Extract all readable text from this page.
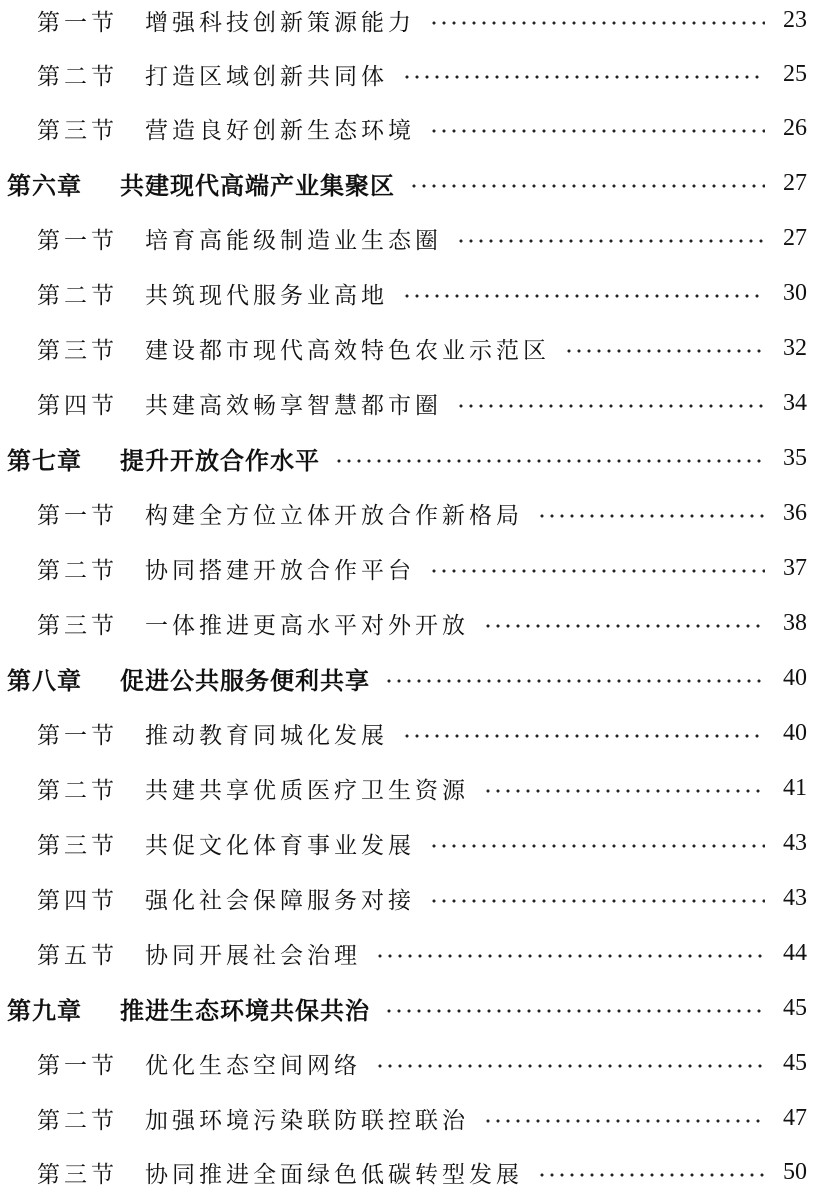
第一节	增强科技创新策源能力	23
第二节	打造区域创新共同体	25
第三节	营造良好创新生态环境	26
第六章	共建现代高端产业集聚区	27
第一节	培育高能级制造业生态圈	27
第二节	共筑现代服务业高地	30
第三节	建设都市现代高效特色农业示范区	32
第四节	共建高效畅享智慧都市圈	34
第七章	提升开放合作水平	35
第一节	构建全方位立体开放合作新格局	36
第二节	协同搭建开放合作平台	37
第三节	一体推进更高水平对外开放	38
第八章	促进公共服务便利共享	40
第一节	推动教育同城化发展	40
第二节	共建共享优质医疗卫生资源	41
第三节	共促文化体育事业发展	43
第四节	强化社会保障服务对接	43
第五节	协同开展社会治理	44
第九章	推进生态环境共保共治	45
第一节	优化生态空间网络	45
第二节	加强环境污染联防联控联治	47
第三节	协同推进全面绿色低碳转型发展	50
